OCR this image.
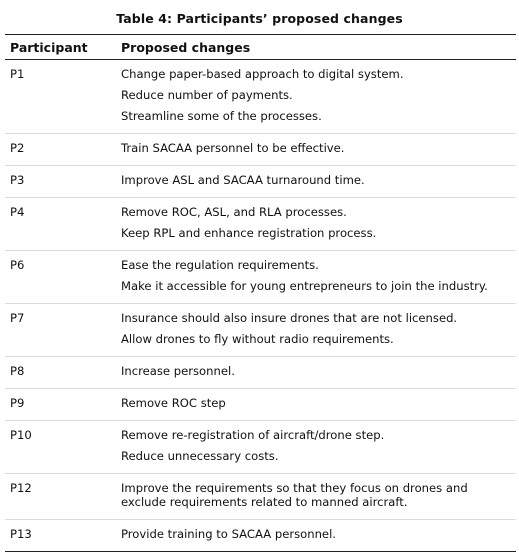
Table 4: Participants’ proposed changes
Participant	Proposed changes
P1	Change paper-based approach to digital system.
Reduce number of payments.
Streamline some of the processes.
P2	Train SACAA personnel to be effective.
P3	Improve ASL and SACAA turnaround time.
P4	Remove ROC, ASL, and RLA processes.
Keep RPL and enhance registration process.
P6	Ease the regulation requirements.
Make it accessible for young entrepreneurs to join the industry.
P7	Insurance should also insure drones that are not licensed.
Allow drones to fly without radio requirements.
P8	Increase personnel.
P9	Remove ROC step
P10	Remove re-registration of aircraft/drone step.
Reduce unnecessary costs.
P12	Improve the requirements so that they focus on drones and exclude requirements related to manned aircraft.
P13	Provide training to SACAA personnel.
